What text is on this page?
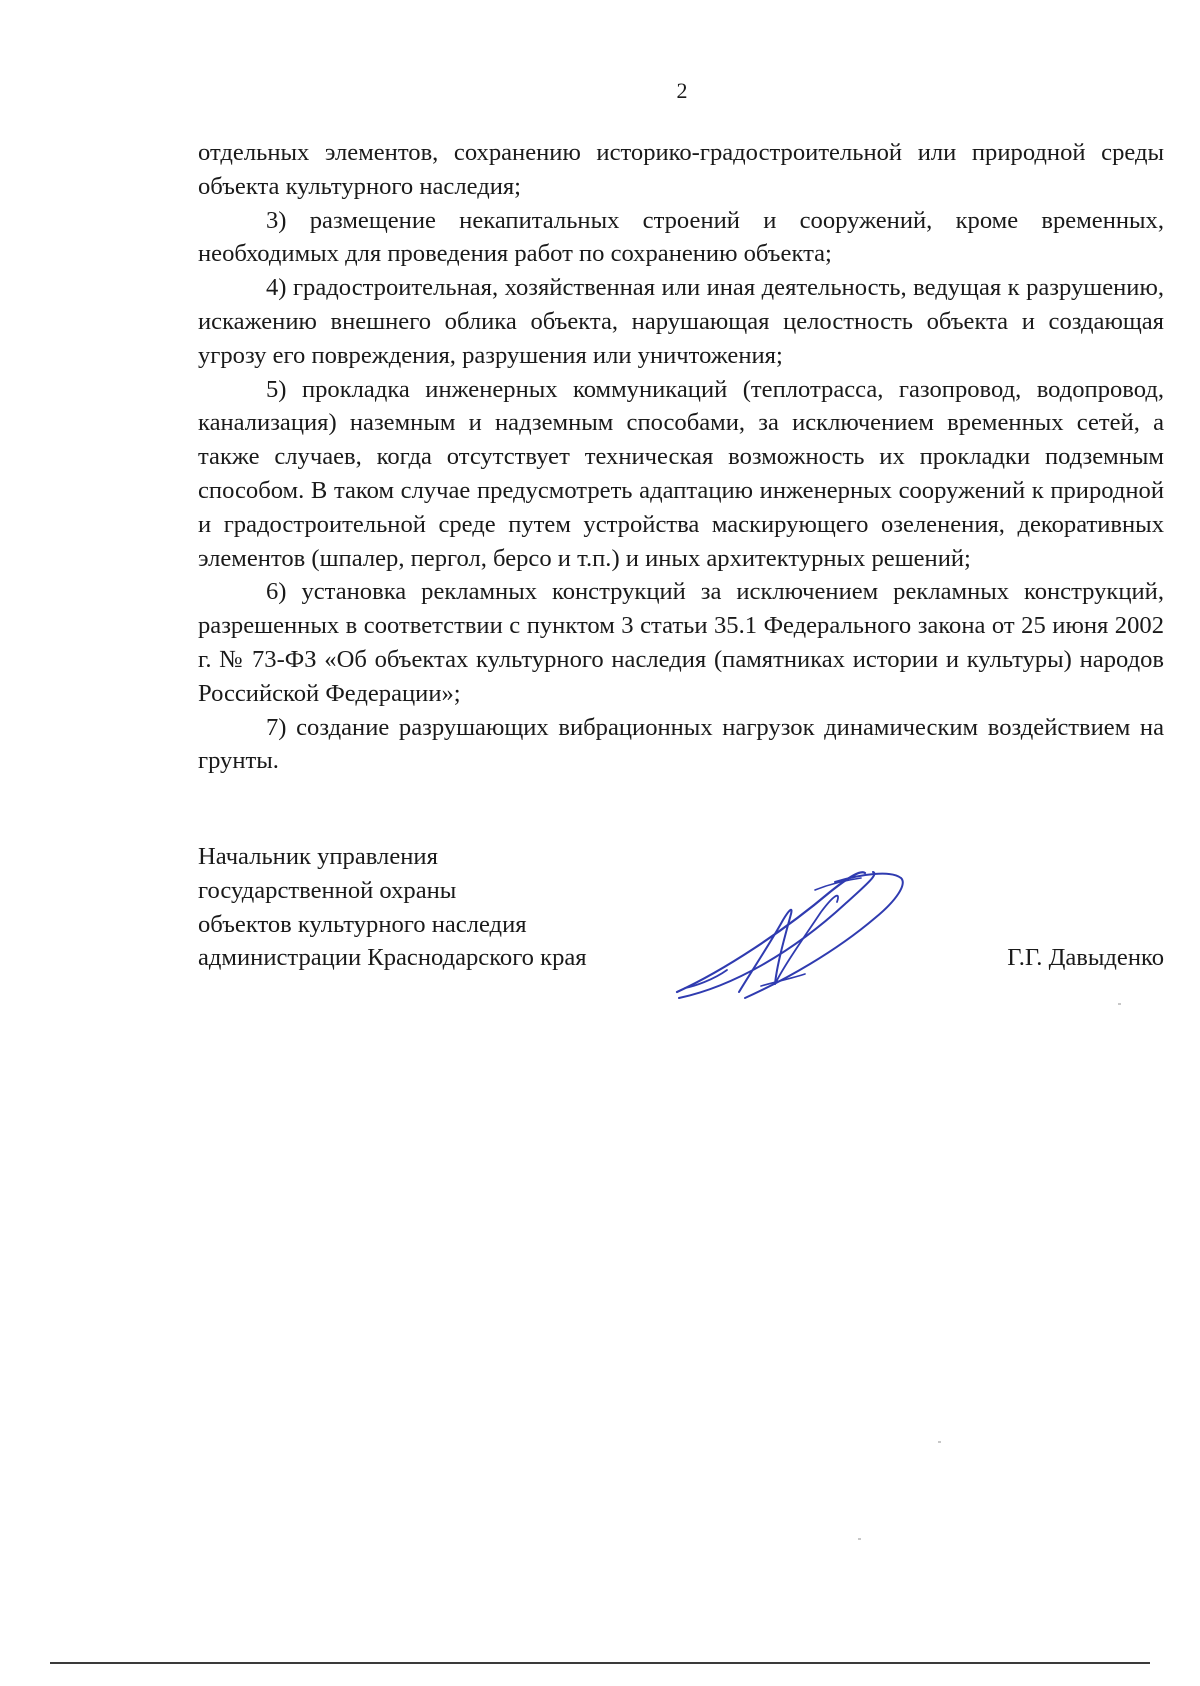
2

отдельных элементов, сохранению историко-градостроительной или природной среды объекта культурного наследия;

3) размещение некапитальных строений и сооружений, кроме временных, необходимых для проведения работ по сохранению объекта;

4) градостроительная, хозяйственная или иная деятельность, ведущая к разрушению, искажению внешнего облика объекта, нарушающая целостность объекта и создающая угрозу его повреждения, разрушения или уничтожения;

5) прокладка инженерных коммуникаций (теплотрасса, газопровод, водопровод, канализация) наземным и надземным способами, за исключением временных сетей, а также случаев, когда отсутствует техническая возможность их прокладки подземным способом. В таком случае предусмотреть адаптацию инженерных сооружений к природной и градостроительной среде путем устройства маскирующего озеленения, декоративных элементов (шпалер, пергол, берсо и т.п.) и иных архитектурных решений;

6) установка рекламных конструкций за исключением рекламных конструкций, разрешенных в соответствии с пунктом 3 статьи 35.1 Федерального закона от 25 июня 2002 г. № 73-ФЗ «Об объектах культурного наследия (памятниках истории и культуры) народов Российской Федерации»;

7) создание разрушающих вибрационных нагрузок динамическим воздействием на грунты.

Начальник управления
государственной охраны
объектов культурного наследия
администрации Краснодарского края	Г.Г. Давыденко
